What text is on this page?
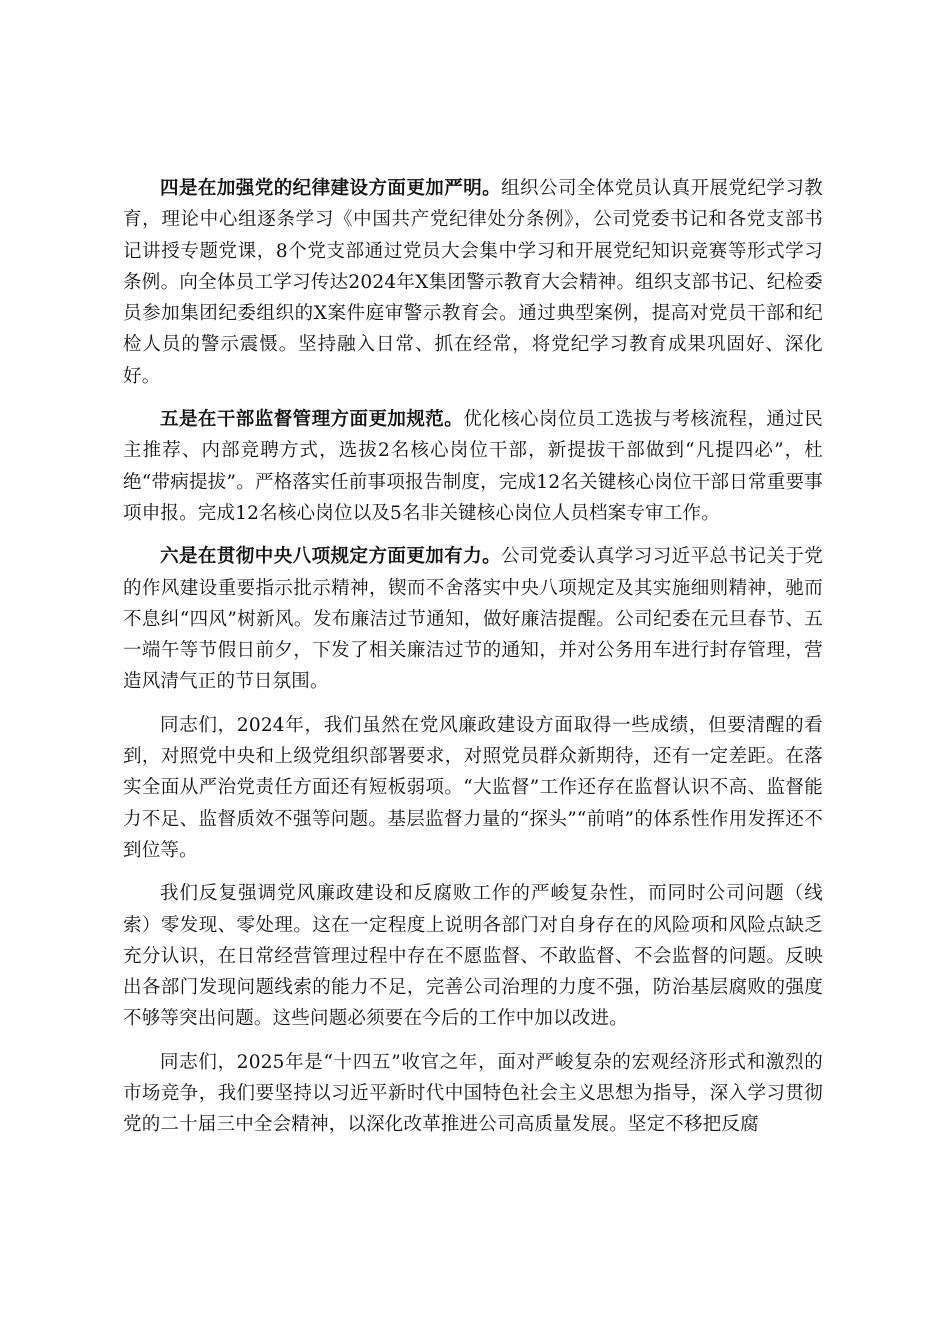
四是在加强党的纪律建设方面更加严明。组织公司全体党员认真开展党纪学习教育，理论中心组逐条学习《中国共产党纪律处分条例》，公司党委书记和各党支部书记讲授专题党课，8个党支部通过党员大会集中学习和开展党纪知识竞赛等形式学习条例。向全体员工学习传达2024年X集团警示教育大会精神。组织支部书记、纪检委员参加集团纪委组织的X案件庭审警示教育会。通过典型案例，提高对党员干部和纪检人员的警示震慑。坚持融入日常、抓在经常，将党纪学习教育成果巩固好、深化好。

五是在干部监督管理方面更加规范。优化核心岗位员工选拔与考核流程，通过民主推荐、内部竞聘方式，选拔2名核心岗位干部，新提拔干部做到“凡提四必”，杜绝“带病提拔”。严格落实任前事项报告制度，完成12名关键核心岗位干部日常重要事项申报。完成12名核心岗位以及5名非关键核心岗位人员档案专审工作。

六是在贯彻中央八项规定方面更加有力。公司党委认真学习习近平总书记关于党的作风建设重要指示批示精神，锲而不舍落实中央八项规定及其实施细则精神，驰而不息纠“四风”树新风。发布廉洁过节通知，做好廉洁提醒。公司纪委在元旦春节、五一端午等节假日前夕，下发了相关廉洁过节的通知，并对公务用车进行封存管理，营造风清气正的节日氛围。

同志们，2024年，我们虽然在党风廉政建设方面取得一些成绩，但要清醒的看到，对照党中央和上级党组织部署要求，对照党员群众新期待，还有一定差距。在落实全面从严治党责任方面还有短板弱项。“大监督”工作还存在监督认识不高、监督能力不足、监督质效不强等问题。基层监督力量的“探头”“前哨”的体系性作用发挥还不到位等。

我们反复强调党风廉政建设和反腐败工作的严峻复杂性，而同时公司问题（线索）零发现、零处理。这在一定程度上说明各部门对自身存在的风险项和风险点缺乏充分认识，在日常经营管理过程中存在不愿监督、不敢监督、不会监督的问题。反映出各部门发现问题线索的能力不足，完善公司治理的力度不强，防治基层腐败的强度不够等突出问题。这些问题必须要在今后的工作中加以改进。

同志们，2025年是“十四五”收官之年，面对严峻复杂的宏观经济形式和激烈的市场竞争，我们要坚持以习近平新时代中国特色社会主义思想为指导，深入学习贯彻党的二十届三中全会精神，以深化改革推进公司高质量发展。坚定不移把反腐
